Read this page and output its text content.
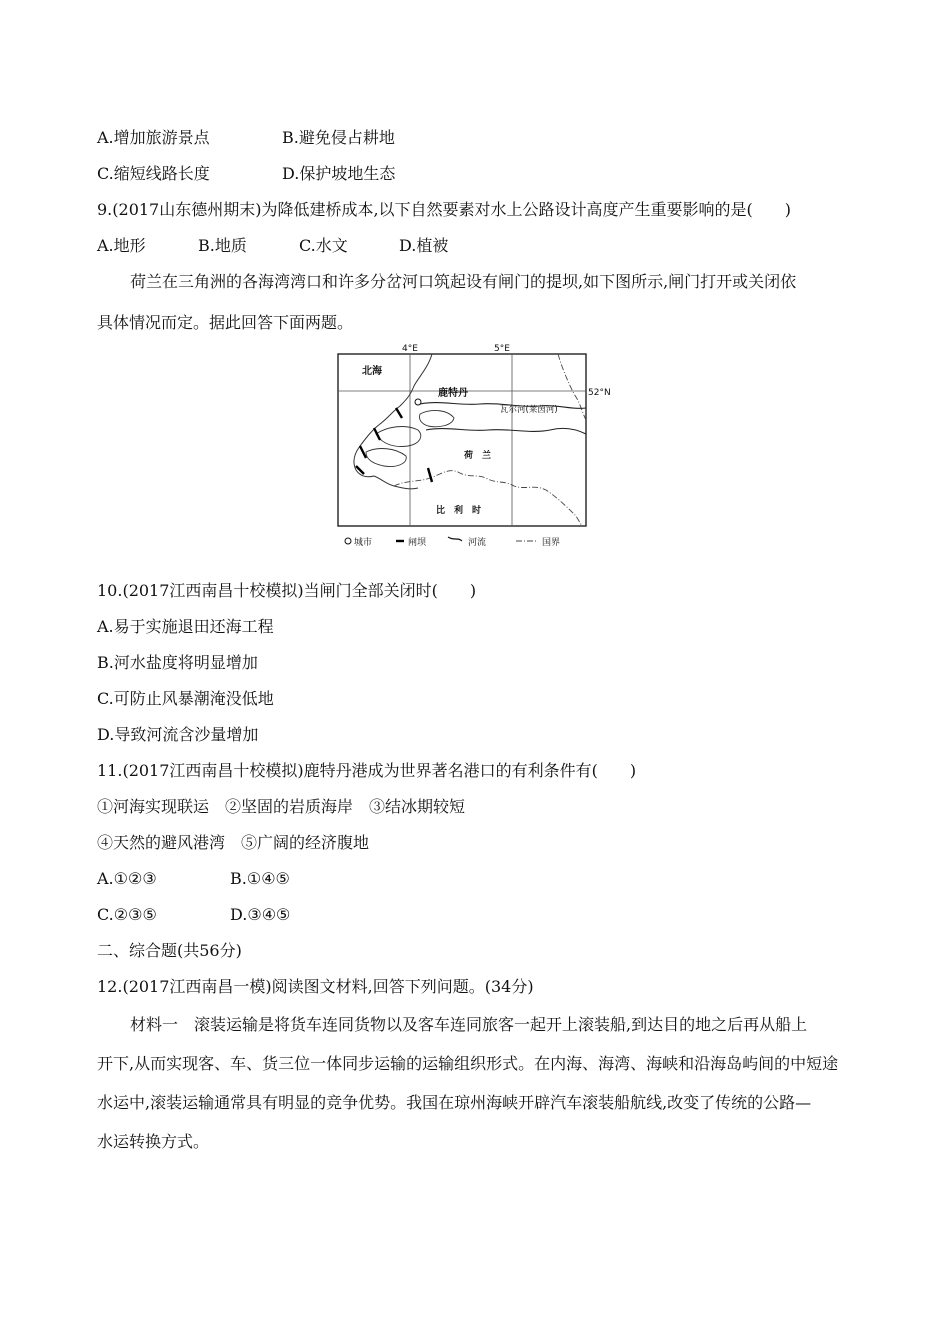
A.增加旅游景点	B.避免侵占耕地
C.缩短线路长度	D.保护坡地生态
9.(2017山东德州期末)为降低建桥成本,以下自然要素对水上公路设计高度产生重要影响的是(　　)
A.地形	B.地质	C.水文	D.植被
荷兰在三角洲的各海湾湾口和许多分岔河口筑起设有闸门的提坝,如下图所示,闸门打开或关闭依
具体情况而定。据此回答下面两题。
4°E	5°E
52°N
北海
鹿特丹
瓦尔河(莱茵河)
荷　兰
比　利　时
城市	闸坝	河流	国界
10.(2017江西南昌十校模拟)当闸门全部关闭时(　　)
A.易于实施退田还海工程
B.河水盐度将明显增加
C.可防止风暴潮淹没低地
D.导致河流含沙量增加
11.(2017江西南昌十校模拟)鹿特丹港成为世界著名港口的有利条件有(　　)
①河海实现联运　②坚固的岩质海岸　③结冰期较短
④天然的避风港湾　⑤广阔的经济腹地
A.①②③	B.①④⑤
C.②③⑤	D.③④⑤
二、综合题(共56分)
12.(2017江西南昌一模)阅读图文材料,回答下列问题。(34分)
材料一　滚装运输是将货车连同货物以及客车连同旅客一起开上滚装船,到达目的地之后再从船上
开下,从而实现客、车、货三位一体同步运输的运输组织形式。在内海、海湾、海峡和沿海岛屿间的中短途
水运中,滚装运输通常具有明显的竞争优势。我国在琼州海峡开辟汽车滚装船航线,改变了传统的公路—
水运转换方式。
